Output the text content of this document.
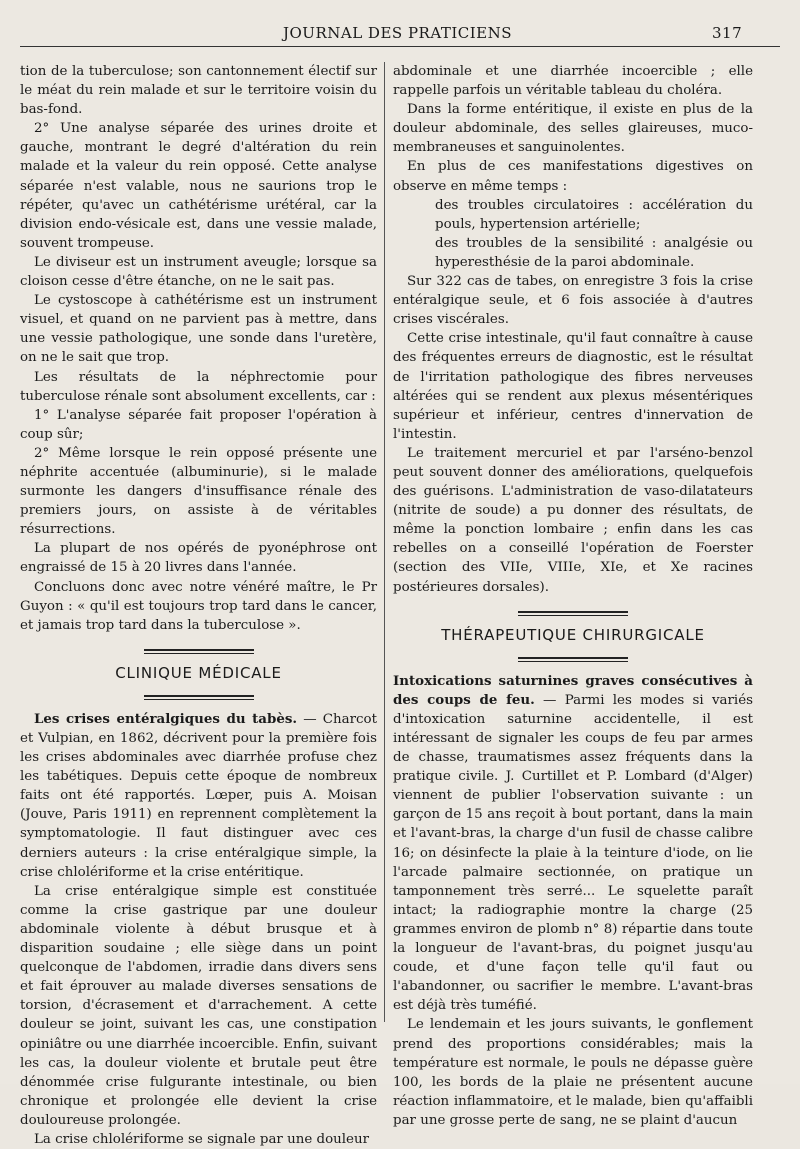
JOURNAL DES PRATICIENS	317

tion de la tuberculose; son cantonnement électif sur le méat du rein malade et sur le territoire voisin du bas-fond.

2° Une analyse séparée des urines droite et gauche, montrant le degré d'altération du rein malade et la valeur du rein opposé. Cette analyse séparée n'est valable, nous ne saurions trop le répéter, qu'avec un cathétérisme urétéral, car la division endo-vésicale est, dans une vessie malade, souvent trompeuse.

Le diviseur est un instrument aveugle; lorsque sa cloison cesse d'être étanche, on ne le sait pas.

Le cystoscope à cathétérisme est un instrument visuel, et quand on ne parvient pas à mettre, dans une vessie pathologique, une sonde dans l'uretère, on ne le sait que trop.

Les résultats de la néphrectomie pour tuberculose rénale sont absolument excellents, car :

1° L'analyse séparée fait proposer l'opération à coup sûr;

2° Même lorsque le rein opposé présente une néphrite accentuée (albuminurie), si le malade surmonte les dangers d'insuffisance rénale des premiers jours, on assiste à de véritables résurrections.

La plupart de nos opérés de pyonéphrose ont engraissé de 15 à 20 livres dans l'année.

Concluons donc avec notre vénéré maître, le Pr Guyon : « qu'il est toujours trop tard dans le cancer, et jamais trop tard dans la tuberculose ».

CLINIQUE MÉDICALE

Les crises entéralgiques du tabès. — Charcot et Vulpian, en 1862, décrivent pour la première fois les crises abdominales avec diarrhée profuse chez les tabétiques. Depuis cette époque de nombreux faits ont été rapportés. Lœper, puis A. Moisan (Jouve, Paris 1911) en reprennent complètement la symptomatologie. Il faut distinguer avec ces derniers auteurs : la crise entéralgique simple, la crise chlolériforme et la crise entéritique.

La crise entéralgique simple est constituée comme la crise gastrique par une douleur abdominale violente à début brusque et à disparition soudaine ; elle siège dans un point quelconque de l'abdomen, irradie dans divers sens et fait éprouver au malade diverses sensations de torsion, d'écrasement et d'arrachement. A cette douleur se joint, suivant les cas, une constipation opiniâtre ou une diarrhée incoercible. Enfin, suivant les cas, la douleur violente et brutale peut être dénommée crise fulgurante intestinale, ou bien chronique et prolongée elle devient la crise douloureuse prolongée.

La crise chlolériforme se signale par une douleur

abdominale et une diarrhée incoercible ; elle rappelle parfois un véritable tableau du choléra.

Dans la forme entéritique, il existe en plus de la douleur abdominale, des selles glaireuses, muco-membraneuses et sanguinolentes.

En plus de ces manifestations digestives on observe en même temps :

des troubles circulatoires : accélération du pouls, hypertension artérielle;

des troubles de la sensibilité : analgésie ou hyperesthésie de la paroi abdominale.

Sur 322 cas de tabes, on enregistre 3 fois la crise entéralgique seule, et 6 fois associée à d'autres crises viscérales.

Cette crise intestinale, qu'il faut connaître à cause des fréquentes erreurs de diagnostic, est le résultat de l'irritation pathologique des fibres nerveuses altérées qui se rendent aux plexus mésentériques supérieur et inférieur, centres d'innervation de l'intestin.

Le traitement mercuriel et par l'arséno-benzol peut souvent donner des améliorations, quelquefois des guérisons. L'administration de vaso-dilatateurs (nitrite de soude) a pu donner des résultats, de même la ponction lombaire ; enfin dans les cas rebelles on a conseillé l'opération de Foerster (section des VIIe, VIIIe, XIe, et Xe racines postérieures dorsales).

THÉRAPEUTIQUE CHIRURGICALE

Intoxications saturnines graves consécutives à des coups de feu. — Parmi les modes si variés d'intoxication saturnine accidentelle, il est intéressant de signaler les coups de feu par armes de chasse, traumatismes assez fréquents dans la pratique civile. J. Curtillet et P. Lombard (d'Alger) viennent de publier l'observation suivante : un garçon de 15 ans reçoit à bout portant, dans la main et l'avant-bras, la charge d'un fusil de chasse calibre 16; on désinfecte la plaie à la teinture d'iode, on lie l'arcade palmaire sectionnée, on pratique un tamponnement très serré... Le squelette paraît intact; la radiographie montre la charge (25 grammes environ de plomb n° 8) répartie dans toute la longueur de l'avant-bras, du poignet jusqu'au coude, et d'une façon telle qu'il faut ou l'abandonner, ou sacrifier le membre. L'avant-bras est déjà très tuméfié.

Le lendemain et les jours suivants, le gonflement prend des proportions considérables; mais la température est normale, le pouls ne dépasse guère 100, les bords de la plaie ne présentent aucune réaction inflammatoire, et le malade, bien qu'affaibli par une grosse perte de sang, ne se plaint d'aucun
